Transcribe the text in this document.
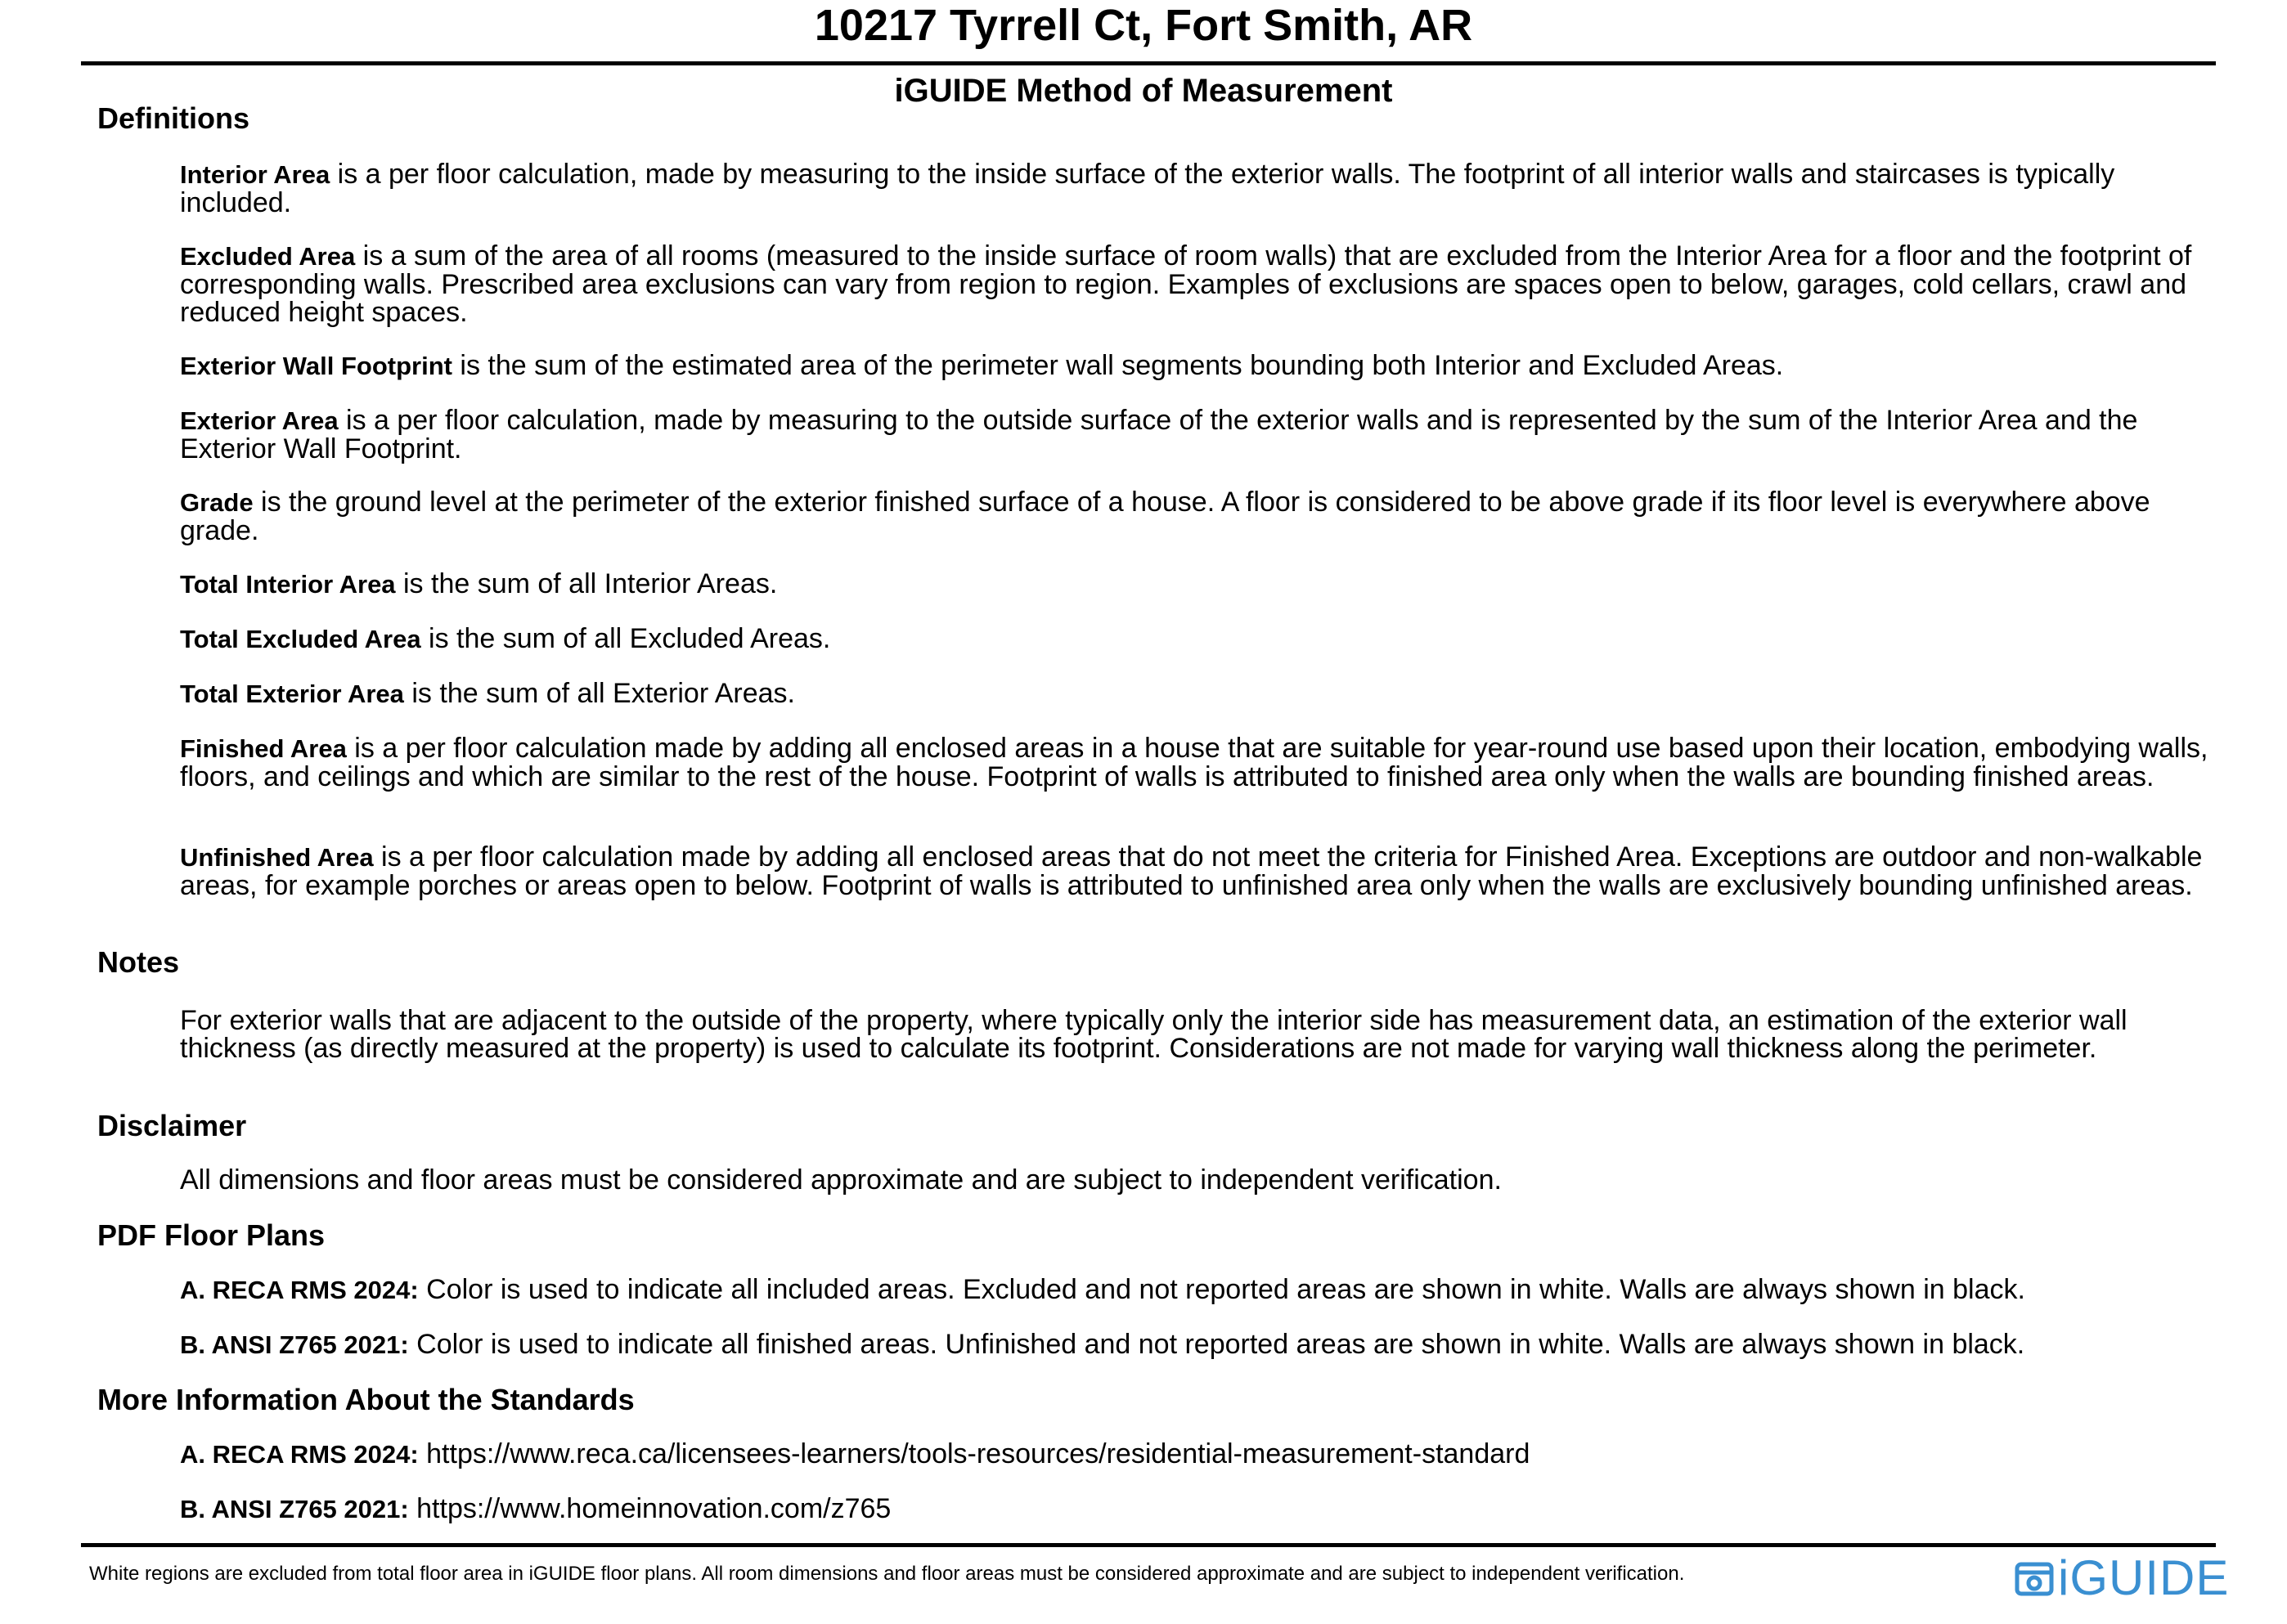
10217 Tyrrell Ct, Fort Smith, AR
iGUIDE Method of Measurement
Definitions
Interior Area is a per floor calculation, made by measuring to the inside surface of the exterior walls. The footprint of all interior walls and staircases is typically included.
Excluded Area is a sum of the area of all rooms (measured to the inside surface of room walls) that are excluded from the Interior Area for a floor and the footprint of corresponding walls. Prescribed area exclusions can vary from region to region. Examples of exclusions are spaces open to below, garages, cold cellars, crawl and reduced height spaces.
Exterior Wall Footprint is the sum of the estimated area of the perimeter wall segments bounding both Interior and Excluded Areas.
Exterior Area is a per floor calculation, made by measuring to the outside surface of the exterior walls and is represented by the sum of the Interior Area and the Exterior Wall Footprint.
Grade is the ground level at the perimeter of the exterior finished surface of a house. A floor is considered to be above grade if its floor level is everywhere above grade.
Total Interior Area is the sum of all Interior Areas.
Total Excluded Area is the sum of all Excluded Areas.
Total Exterior Area is the sum of all Exterior Areas.
Finished Area is a per floor calculation made by adding all enclosed areas in a house that are suitable for year-round use based upon their location, embodying walls, floors, and ceilings and which are similar to the rest of the house. Footprint of walls is attributed to finished area only when the walls are bounding finished areas.
Unfinished Area is a per floor calculation made by adding all enclosed areas that do not meet the criteria for Finished Area. Exceptions are outdoor and non-walkable areas, for example porches or areas open to below. Footprint of walls is attributed to unfinished area only when the walls are exclusively bounding unfinished areas.
Notes
For exterior walls that are adjacent to the outside of the property, where typically only the interior side has measurement data, an estimation of the exterior wall thickness (as directly measured at the property) is used to calculate its footprint. Considerations are not made for varying wall thickness along the perimeter.
Disclaimer
All dimensions and floor areas must be considered approximate and are subject to independent verification.
PDF Floor Plans
A. RECA RMS 2024: Color is used to indicate all included areas. Excluded and not reported areas are shown in white. Walls are always shown in black.
B. ANSI Z765 2021: Color is used to indicate all finished areas. Unfinished and not reported areas are shown in white. Walls are always shown in black.
More Information About the Standards
A. RECA RMS 2024: https://www.reca.ca/licensees-learners/tools-resources/residential-measurement-standard
B. ANSI Z765 2021: https://www.homeinnovation.com/z765
White regions are excluded from total floor area in iGUIDE floor plans. All room dimensions and floor areas must be considered approximate and are subject to independent verification.	iGUIDE
